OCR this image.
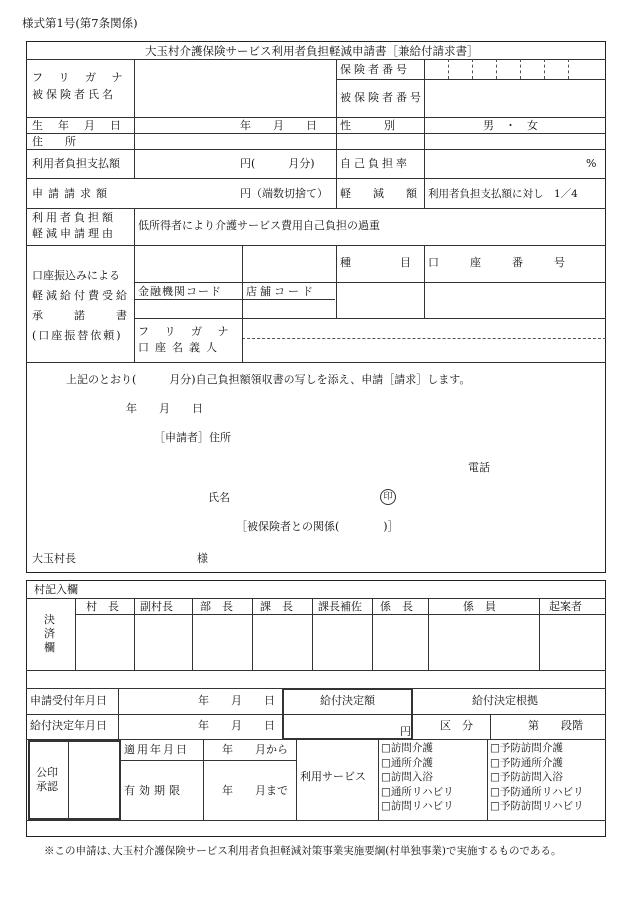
様式第1号(第7条関係)
大玉村介護保険サービス利用者負担軽減申請書［兼給付請求書］
フ リ ガ ナ
被保険者氏名
保険者番号
被保険者番号
生年月日	年　　月　　日 性　　　別	男　・　女
住　　所
利用者負担支払額	円(　　　月分) 自己負担率	%
申請請求額	円（端数切捨て） 軽　　減　　額 利用者負担支払額に対し　1／4
利用者負担額
軽減申請理由
低所得者により介護サービス費用自己負担の過重
口座振込みによる
軽減給付費受給
承　諾　書
(口座振替依頼)
種　　　目 口　座　番　号
金融機関コード 店舗コード
フ リ ガ ナ
口座名義人
上記のとおり(　　　月分)自己負担額領収書の写しを添え、申請［請求］します。
年　　月　　日
［申請者］住所
電話
氏名	印
［被保険者との関係(　　　　)］
大玉村長	様
村記入欄
決済欄
村　長 副村長 部　長 課　長 課長補佐 係　長	係　員	起案者
申請受付年月日	年　　月　　日	給付決定額	給付決定根拠
給付決定年月日	年　　月　　日	円	区　分	第　　段階
公印承認
適用年月日	年　　月から
有効期限	年　　月まで
利用サービス
□訪問介護
□通所介護
□訪問入浴
□通所リハビリ
□訪問リハビリ
□予防訪問介護
□予防通所介護
□予防訪問入浴
□予防通所リハビリ
□予防訪問リハビリ
※この申請は､大玉村介護保険サービス利用者負担軽減対策事業実施要綱(村単独事業)で実施するものである。
